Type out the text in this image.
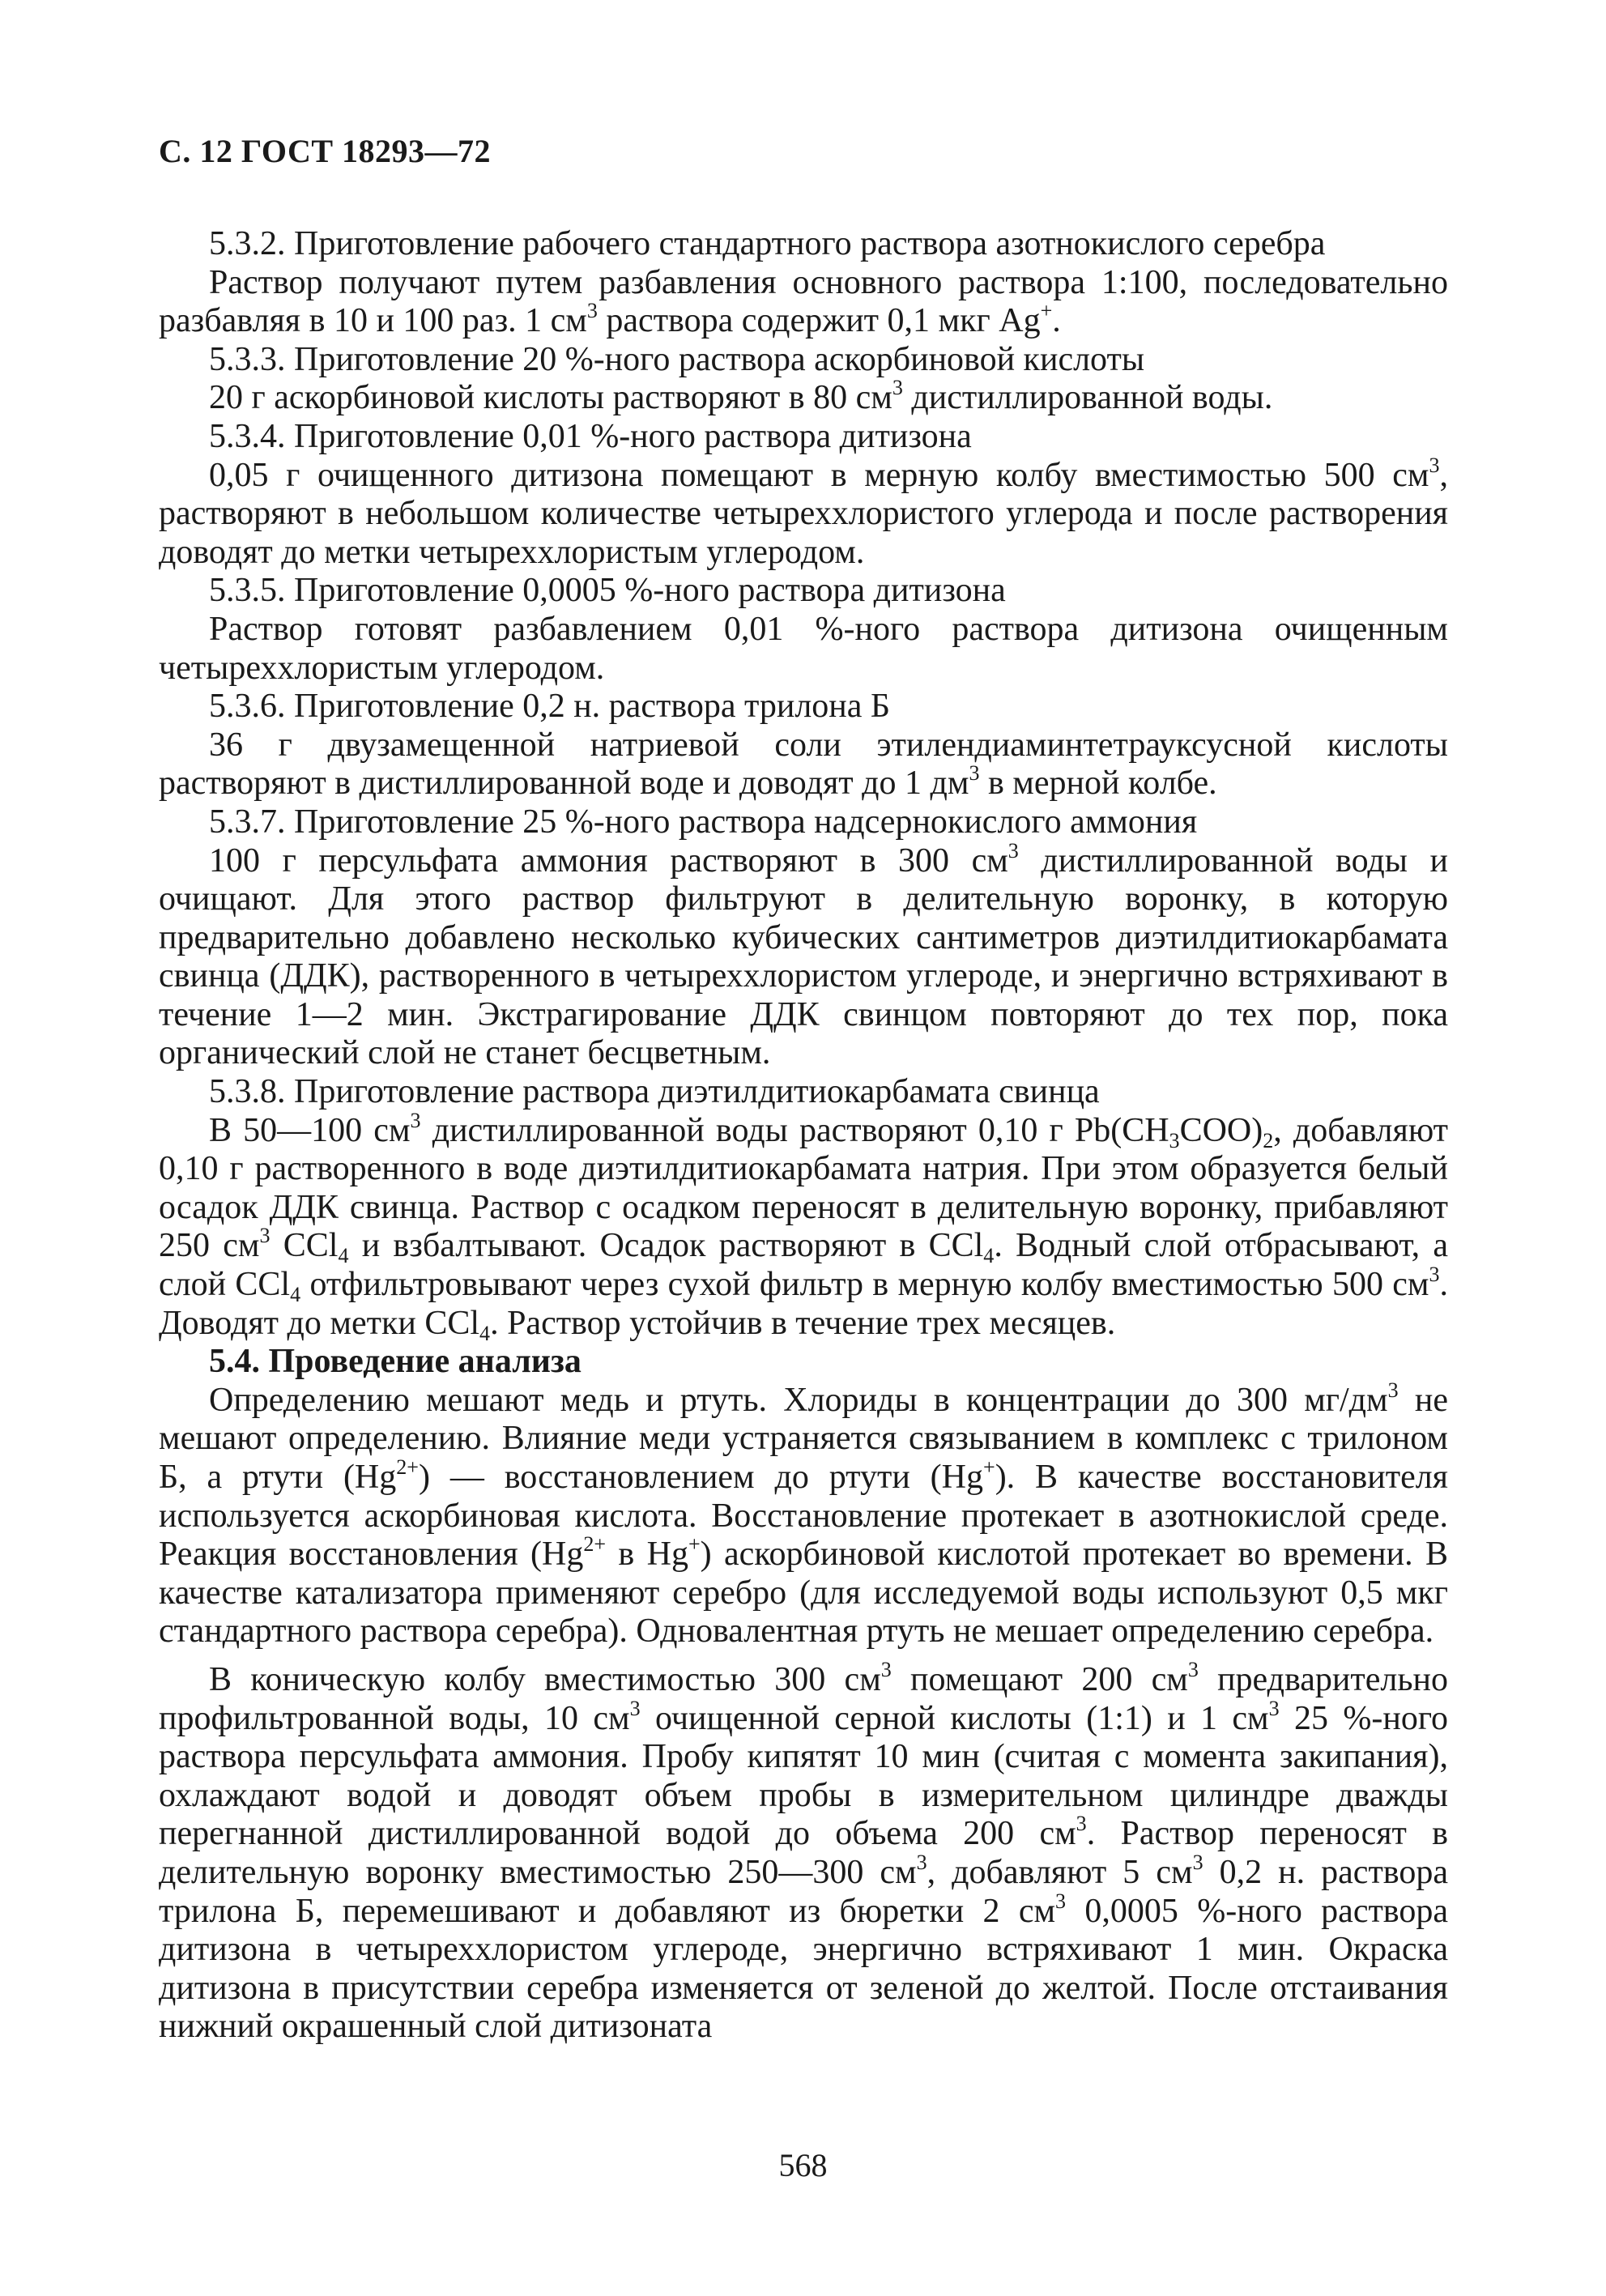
С. 12 ГОСТ 18293—72

5.3.2. Приготовление рабочего стандартного раствора азотнокислого серебра

Раствор получают путем разбавления основного раствора 1:100, последовательно разбавляя в 10 и 100 раз. 1 $см^3$ раствора содержит 0,1 мкг Ag+.

5.3.3. Приготовление 20 %-ного раствора аскорбиновой кислоты

20 г аскорбиновой кислоты растворяют в 80 $см^3$ дистиллированной воды.

5.3.4. Приготовление 0,01 %-ного раствора дитизона

0,05 г очищенного дитизона помещают в мерную колбу вместимостью 500 $см^3$, растворяют в небольшом количестве четыреххлористого углерода и после растворения доводят до метки четыреххлористым углеродом.

5.3.5. Приготовление 0,0005 %-ного раствора дитизона

Раствор готовят разбавлением 0,01 %-ного раствора дитизона очищенным четыреххлористым углеродом.

5.3.6. Приготовление 0,2 н. раствора трилона Б

36 г двузамещенной натриевой соли этилендиаминтетрауксусной кислоты растворяют в дистиллированной воде и доводят до 1 $дм^3$ в мерной колбе.

5.3.7. Приготовление 25 %-ного раствора надсернокислого аммония

100 г персульфата аммония растворяют в 300 $см^3$ дистиллированной воды и очищают. Для этого раствор фильтруют в делительную воронку, в которую предварительно добавлено несколько кубических сантиметров диэтилдитиокарбамата свинца (ДДК), растворенного в четыреххлористом углероде, и энергично встряхивают в течение 1—2 мин. Экстрагирование ДДК свинцом повторяют до тех пор, пока органический слой не станет бесцветным.

5.3.8. Приготовление раствора диэтилдитиокарбамата свинца

В 50—100 $см^3$ дистиллированной воды растворяют 0,10 г $Pb(CH_3COO)_2$, добавляют 0,10 г растворенного в воде диэтилдитиокарбамата натрия. При этом образуется белый осадок ДДК свинца. Раствор с осадком переносят в делительную воронку, прибавляют 250 $см^3$ CCl$_4$ и взбалтывают. Осадок растворяют в CCl$_4$. Водный слой отбрасывают, а слой CCl$_4$ отфильтровывают через сухой фильтр в мерную колбу вместимостью 500 $см^3$. Доводят до метки CCl$_4$. Раствор устойчив в течение трех месяцев.

5.4. Проведение анализа

Определению мешают медь и ртуть. Хлориды в концентрации до 300 $мг/дм^3$ не мешают определению. Влияние меди устраняется связыванием в комплекс с трилоном Б, а ртути $(Hg^{2+})$ — восстановлением до ртути (Hg+). В качестве восстановителя используется аскорбиновая кислота. Восстановление протекает в азотнокислой среде. Реакция восстановления ($Hg^{2+}$ в Hg+) аскорбиновой кислотой протекает во времени. В качестве катализатора применяют серебро (для исследуемой воды используют 0,5 мкг стандартного раствора серебра). Одновалентная ртуть не мешает определению серебра.

В коническую колбу вместимостью 300 $см^3$ помещают 200 $см^3$ предварительно профильтрованной воды, 10 $см^3$ очищенной серной кислоты (1:1) и 1 $см^3$ 25 %-ного раствора персульфата аммония. Пробу кипятят 10 мин (считая с момента закипания), охлаждают водой и доводят объем пробы в измерительном цилиндре дважды перегнанной дистиллированной водой до объема 200 $см^3$. Раствор переносят в делительную воронку вместимостью 250—300 $см^3$, добавляют 5 $см^3$ 0,2 н. раствора трилона Б, перемешивают и добавляют из бюретки 2 $см^3$ 0,0005 %-ного раствора дитизона в четыреххлористом углероде, энергично встряхивают 1 мин. Окраска дитизона в присутствии серебра изменяется от зеленой до желтой. После отстаивания нижний окрашенный слой дитизоната

568
